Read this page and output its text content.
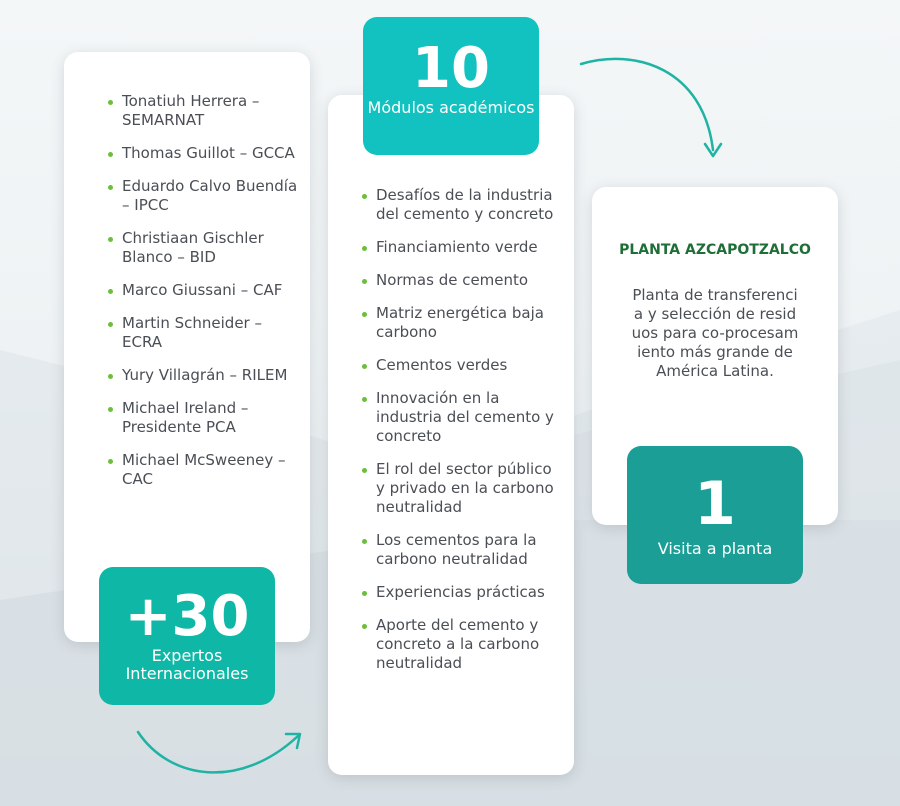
Tonatiuh Herrera – SEMARNAT
Thomas Guillot – GCCA
Eduardo Calvo Buendía – IPCC
Christiaan Gischler Blanco – BID
Marco Giussani – CAF
Martin Schneider – ECRA
Yury Villagrán – RILEM
Michael Ireland – Presidente PCA
Michael McSweeney – CAC
+30
Expertos Internacionales
Desafíos de la industria del cemento y concreto
Financiamiento verde
Normas de cemento
Matriz energética baja carbono
Cementos verdes
Innovación en la industria del cemento y concreto
El rol del sector público y privado en la carbono neutralidad
Los cementos para la carbono neutralidad
Experiencias prácticas
Aporte del cemento y concreto a la carbono neutralidad
10
Módulos académicos
PLANTA AZCAPOTZALCO
Planta de transferencia y selección de residuos para co-procesamiento más grande de América Latina.
1
Visita a planta
